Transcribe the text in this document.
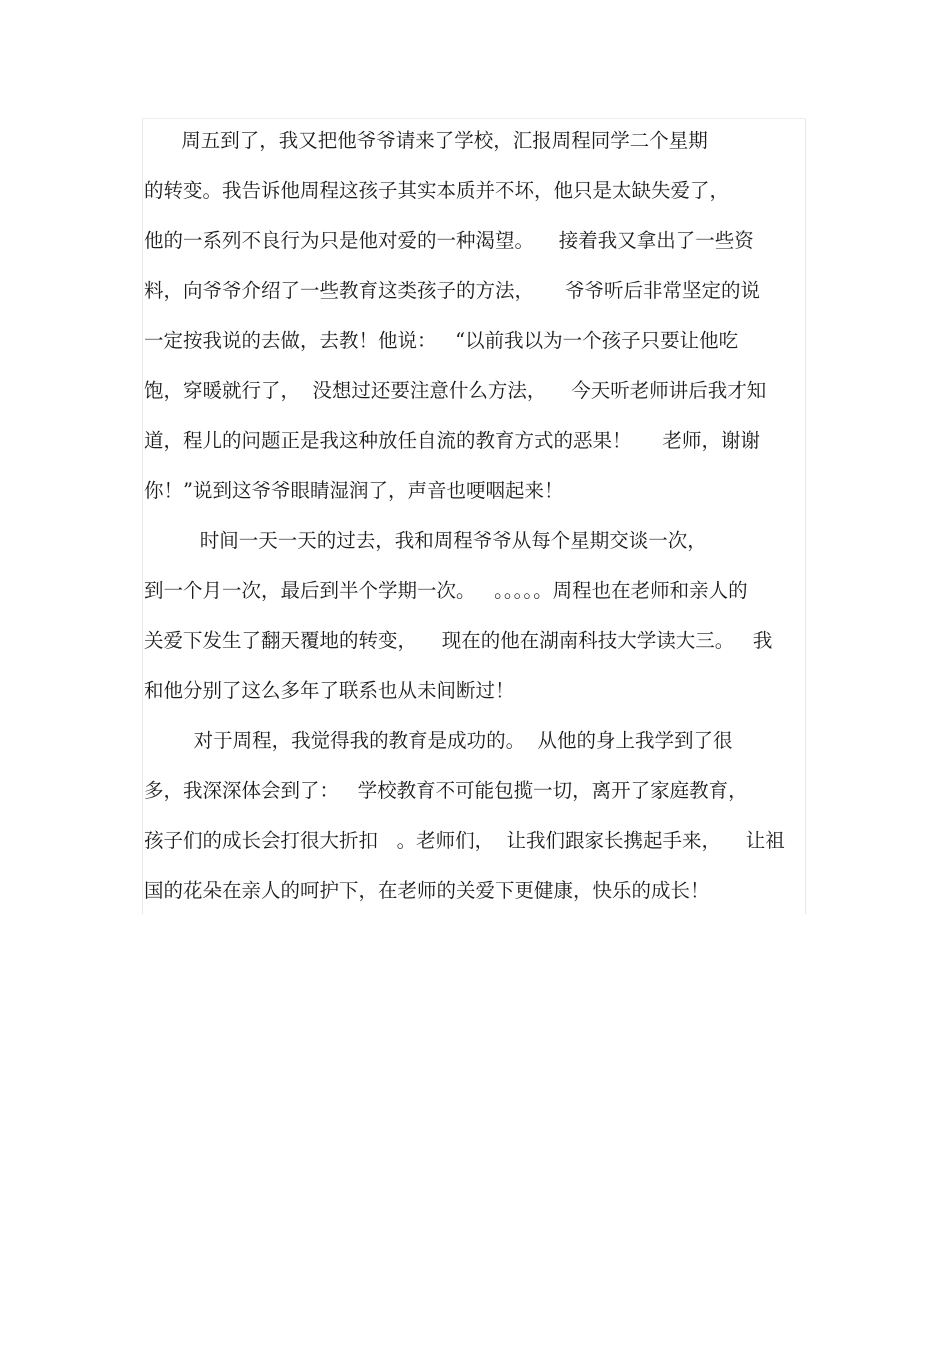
周五到了，我又把他爷爷请来了学校，汇报周程同学二个星期
的转变。我告诉他周程这孩子其实本质并不坏，他只是太缺失爱了，
他的一系列不良行为只是他对爱的一种渴望。    接着我又拿出了一些资
料，向爷爷介绍了一些教育这类孩子的方法，     爷爷听后非常坚定的说
一定按我说的去做，去教！他说：   “以前我以为一个孩子只要让他吃
饱，穿暖就行了，  没想过还要注意什么方法，    今天听老师讲后我才知
道，程儿的问题正是我这种放任自流的教育方式的恶果！     老师，谢谢
你！”说到这爷爷眼睛湿润了，声音也哽咽起来！
时间一天一天的过去，我和周程爷爷从每个星期交谈一次，
到一个月一次，最后到半个学期一次。   。。。。。周程也在老师和亲人的
关爱下发生了翻天覆地的转变，    现在的他在湖南科技大学读大三。   我
和他分别了这么多年了联系也从未间断过！
对于周程，我觉得我的教育是成功的。  从他的身上我学到了很
多，我深深体会到了：   学校教育不可能包揽一切，离开了家庭教育，
孩子们的成长会打很大折扣   。老师们，  让我们跟家长携起手来，    让祖
国的花朵在亲人的呵护下，在老师的关爱下更健康，快乐的成长！
